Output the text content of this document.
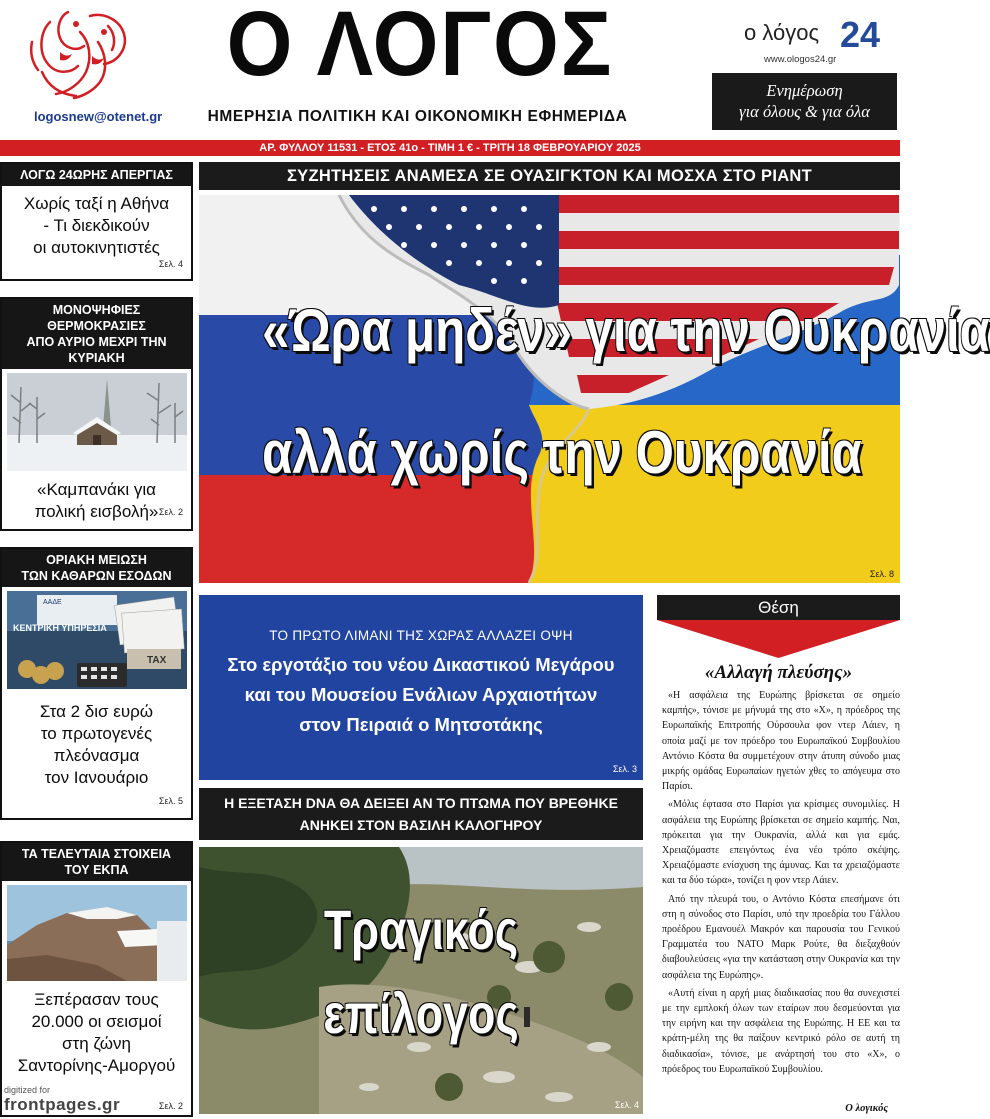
logosnew@otenet.gr
Ο ΛΟΓΟΣ
ΗΜΕΡΗΣΙΑ ΠΟΛΙΤΙΚΗ ΚΑΙ ΟΙΚΟΝΟΜΙΚΗ ΕΦΗΜΕΡΙΔΑ
ο λόγος 24
www.ologos24.gr
Ενημέρωση
για όλους & για όλα
ΑΡ. ΦΥΛΛΟΥ 11531 - ΕΤΟΣ 41ο - ΤΙΜΗ 1 € - ΤΡΙΤΗ 18 ΦΕΒΡΟΥΑΡΙΟΥ 2025
ΛΟΓΩ 24ΩΡΗΣ ΑΠΕΡΓΙΑΣ
Χωρίς ταξί η Αθήνα
- Τι διεκδικούν
οι αυτοκινητιστές
Σελ. 4
ΜΟΝΟΨΗΦΙΕΣ ΘΕΡΜΟΚΡΑΣΙΕΣ
ΑΠΟ ΑΥΡΙΟ ΜΕΧΡΙ ΤΗΝ ΚΥΡΙΑΚΗ
«Καμπανάκι για
πολική εισβολή» Σελ. 2
ΟΡΙΑΚΗ ΜΕΙΩΣΗ
ΤΩΝ ΚΑΘΑΡΩΝ ΕΣΟΔΩΝ
ΑΑΔΕ
ΚΕΝΤΡΙΚΗ ΥΠΗΡΕΣΙΑ
TAX
Στα 2 δισ ευρώ
το πρωτογενές
πλεόνασμα
τον Ιανουάριο
Σελ. 5
ΤΑ ΤΕΛΕΥΤΑΙΑ ΣΤΟΙΧΕΙΑ
ΤΟΥ ΕΚΠΑ
Ξεπέρασαν τους
20.000 οι σεισμοί
στη ζώνη
Σαντορίνης-Αμοργού
Σελ. 2
ΣΥΖΗΤΗΣΕΙΣ ΑΝΑΜΕΣΑ ΣΕ ΟΥΑΣΙΓΚΤΟΝ ΚΑΙ ΜΟΣΧΑ ΣΤΟ ΡΙΑΝΤ
«Ώρα μηδέν» για την Ουκρανία
αλλά χωρίς την Ουκρανία
Σελ. 8
ΤΟ ΠΡΩΤΟ ΛΙΜΑΝΙ ΤΗΣ ΧΩΡΑΣ ΑΛΛΑΖΕΙ ΟΨΗ
Στο εργοτάξιο του νέου Δικαστικού Μεγάρου
και του Μουσείου Ενάλιων Αρχαιοτήτων
στον Πειραιά ο Μητσοτάκης
Σελ. 3
Η ΕΞΕΤΑΣΗ DNA ΘΑ ΔΕΙΞΕΙ ΑΝ ΤΟ ΠΤΩΜΑ ΠΟΥ ΒΡΕΘΗΚΕ
ΑΝΗΚΕΙ ΣΤΟΝ ΒΑΣΙΛΗ ΚΑΛΟΓΗΡΟΥ
Τραγικός
επίλογος
Σελ. 4
Θέση
«Αλλαγή πλεύσης»

«Η ασφάλεια της Ευρώπης βρίσκεται σε σημείο καμπής», τόνισε με μήνυμά της στο «Χ», η πρόεδρος της Ευρωπαϊκής Επιτροπής Ούρσουλα φον ντερ Λάιεν, η οποία μαζί με τον πρόεδρο του Ευρωπαϊκού Συμβουλίου Αντόνιο Κόστα θα συμμετέχουν στην άτυπη σύνοδο μιας μικρής ομάδας Ευρωπαίων ηγετών χθες το απόγευμα στο Παρίσι.

«Μόλις έφτασα στο Παρίσι για κρίσιμες συνομιλίες. Η ασφάλεια της Ευρώπης βρίσκεται σε σημείο καμπής. Ναι, πρόκειται για την Ουκρανία, αλλά και για εμάς. Χρειαζόμαστε επειγόντως ένα νέο τρόπο σκέψης. Χρειαζόμαστε ενίσχυση της άμυνας. Και τα χρειαζόμαστε και τα δύο τώρα», τονίζει η φον ντερ Λάιεν.

Από την πλευρά του, ο Αντόνιο Κόστα επεσήμανε ότι στη η σύνοδος στο Παρίσι, υπό την προεδρία του Γάλλου προέδρου Εμανουέλ Μακρόν και παρουσία του Γενικού Γραμματέα του ΝΑΤΟ Μαρκ Ρούτε, θα διεξαχθούν διαβουλεύσεις «για την κατάσταση στην Ουκρανία και την ασφάλεια της Ευρώπης».

«Αυτή είναι η αρχή μιας διαδικασίας που θα συνεχιστεί με την εμπλοκή όλων των εταίρων που δεσμεύονται για την ειρήνη και την ασφάλεια της Ευρώπης. Η ΕΕ και τα κράτη-μέλη της θα παίξουν κεντρικό ρόλο σε αυτή τη διαδικασία», τόνισε, με ανάρτησή του στο «Χ», ο πρόεδρος του Ευρωπαϊκού Συμβουλίου.

Ο λογικός
digitized for
frontpages.gr
